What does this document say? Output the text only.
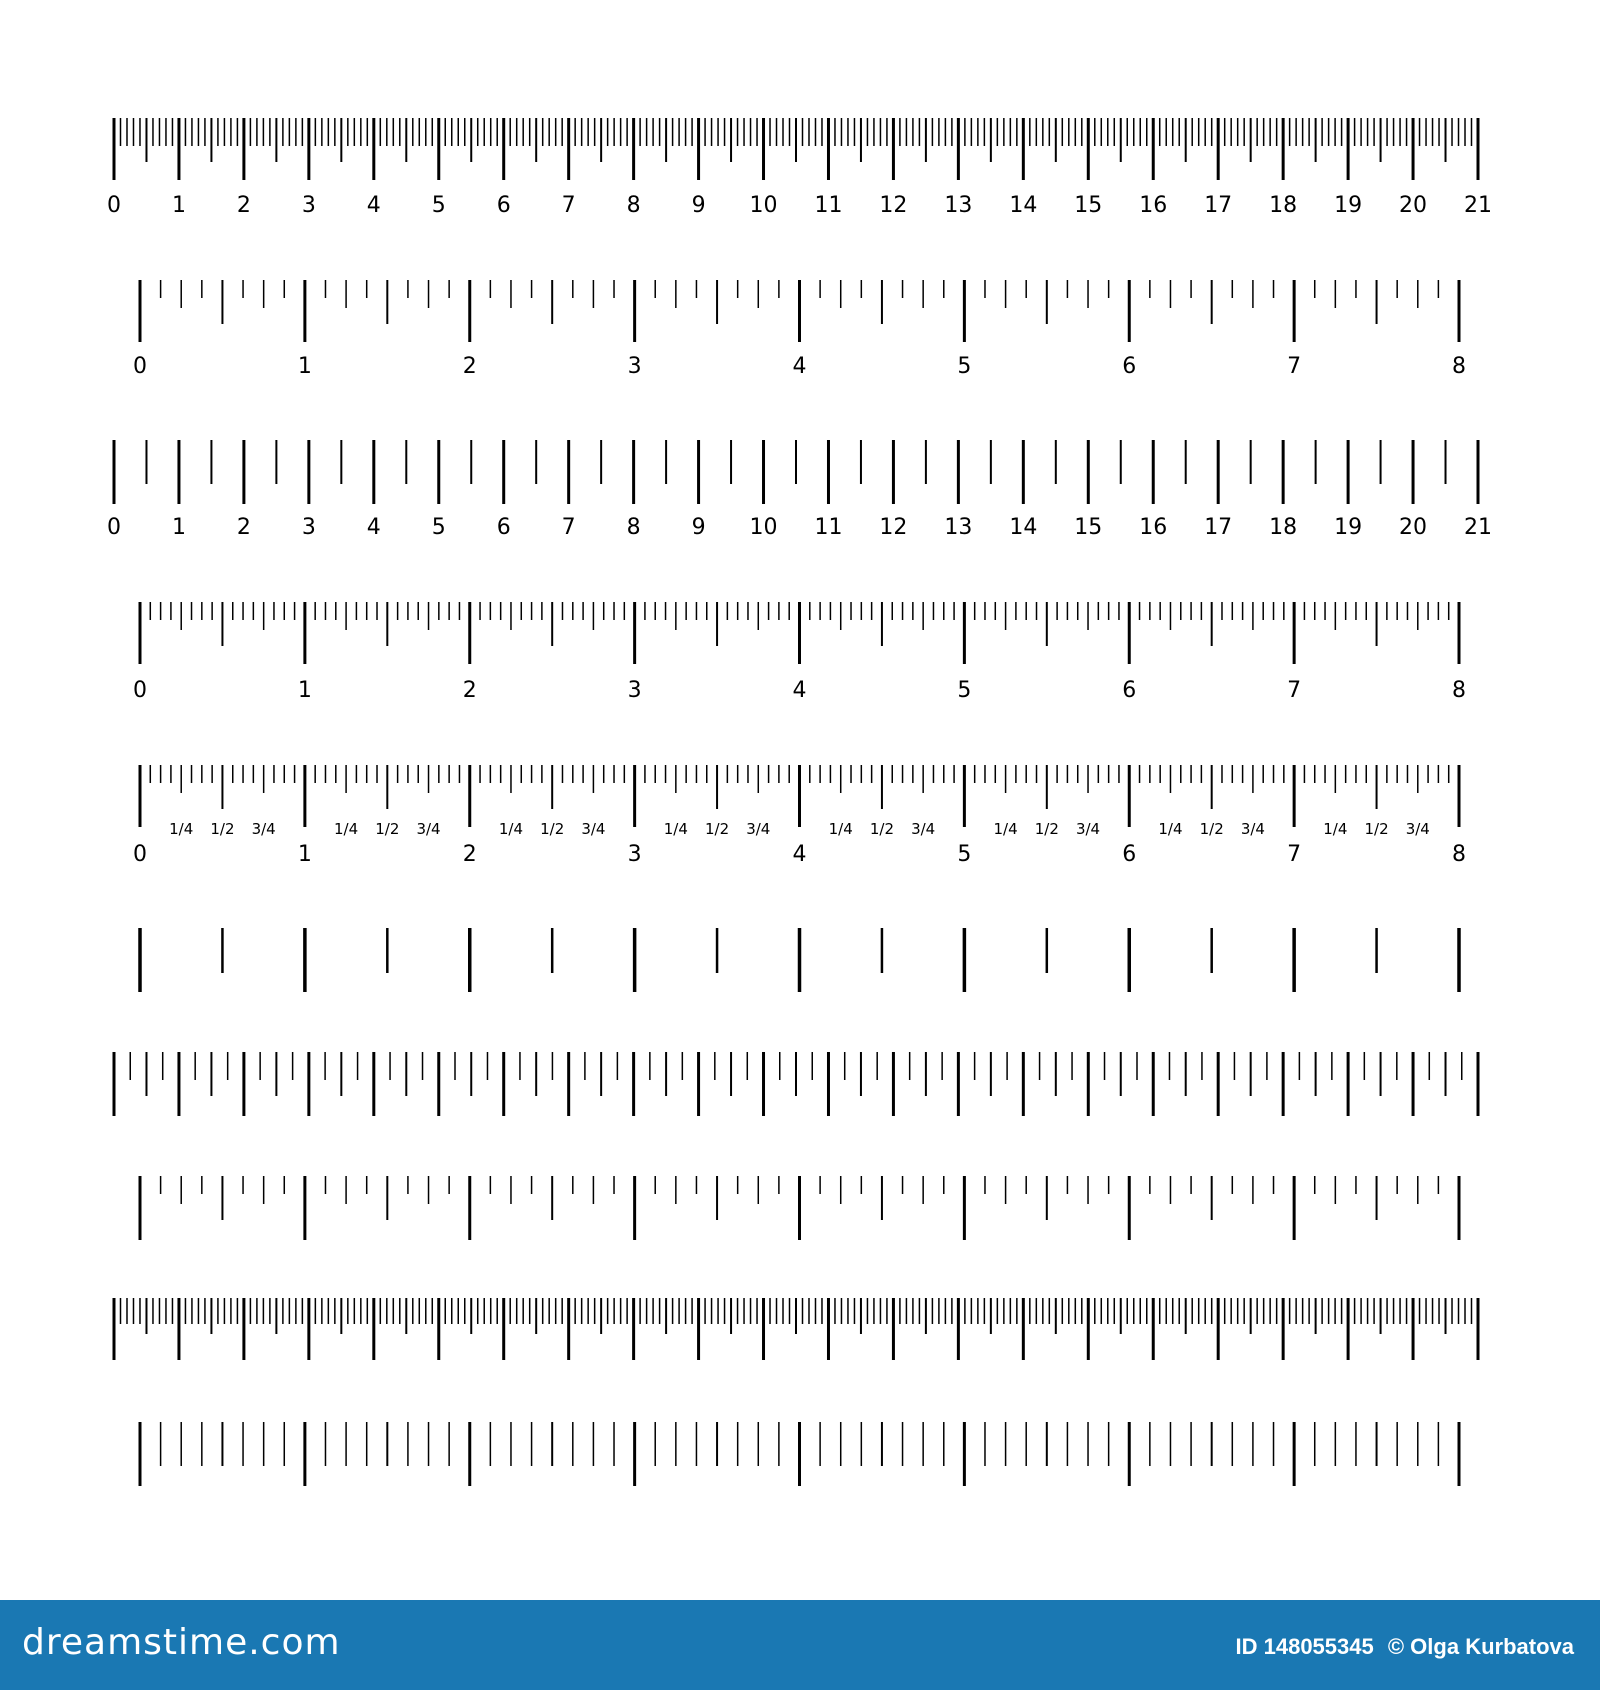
0 1 2 3 4 5 6 7 8 9 10 11 12 13 14 15 16 17 18 19 20 21
0	1	2	3	4	5	6	7	8
0 1 2 3 4 5 6 7 8 9 10 11 12 13 14 15 16 17 18 19 20 21
0	1	2	3	4	5	6	7	8
0	1	2	3	4	5	6	7	8
1/4 1/2 3/4	1/4 1/2 3/4	1/4 1/2 3/4	1/4 1/2 3/4	1/4 1/2 3/4	1/4 1/2 3/4	1/4 1/2 3/4	1/4 1/2 3/4
dreamstime.com	ID 148055345 © Olga Kurbatova
